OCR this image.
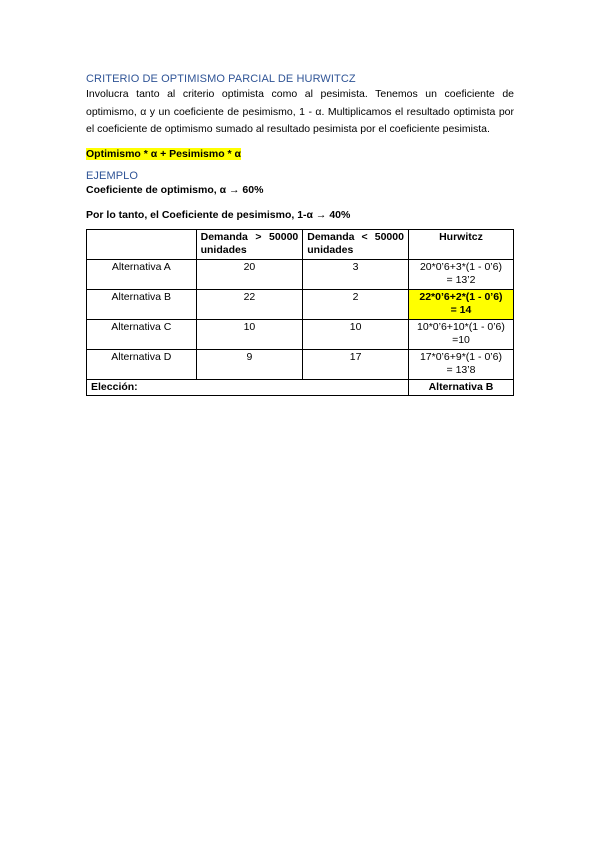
CRITERIO DE OPTIMISMO PARCIAL DE HURWITCZ

Involucra tanto al criterio optimista como al pesimista. Tenemos un coeficiente de optimismo, α y un coeficiente de pesimismo, 1 - α. Multiplicamos el resultado optimista por el coeficiente de optimismo sumado al resultado pesimista por el coeficiente pesimista.

Optimismo * α + Pesimismo * α

EJEMPLO

Coeficiente de optimismo, α → 60%

Por lo tanto, el Coeficiente de pesimismo, 1-α → 40%

	Demanda > 50000 unidades	Demanda < 50000 unidades	Hurwitcz
Alternativa A	20	3	20*0’6+3*(1 - 0’6)
= 13’2

Alternativa B	22	2	22*0’6+2*(1 - 0’6)
= 14

Alternativa C	10	10	10*0’6+10*(1 - 0’6)
=10

Alternativa D	9	17	17*0’6+9*(1 - 0’6)
= 13’8

Elección:			Alternativa B
